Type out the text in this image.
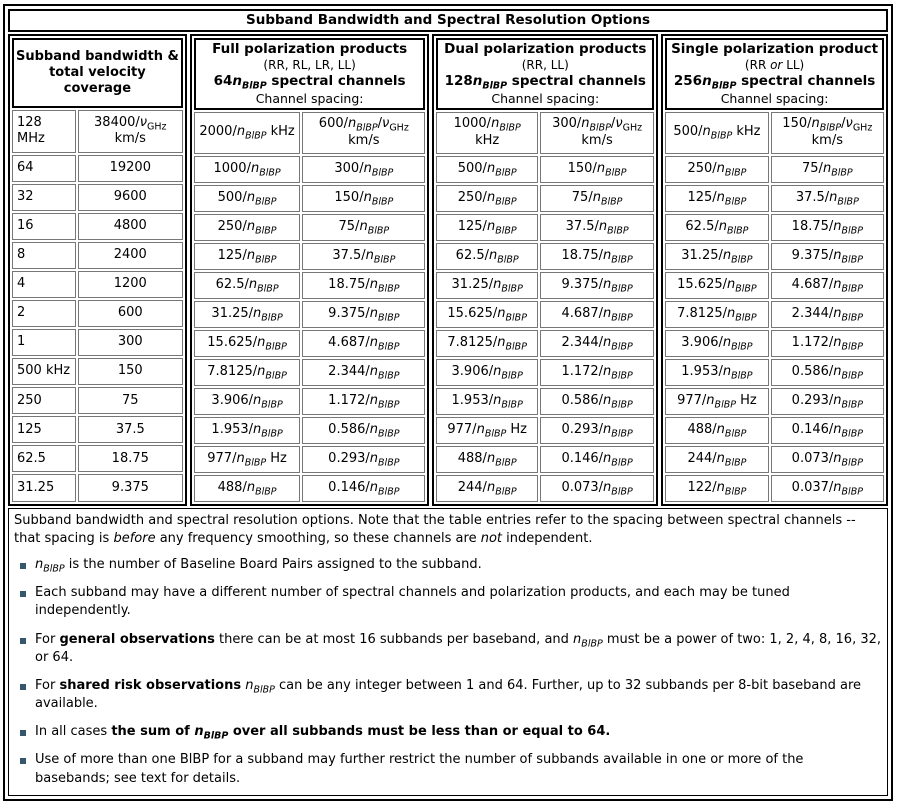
Subband Bandwidth and Spectral Resolution Options
Subband bandwidth &
total velocity
coverage	
128 MHz	$38400/\nu_{GHz}$ km/s
64	19200
32	9600
16	4800
8	2400
4	1200
2	600
1	300
500 kHz	150
250	75
125	37.5
62.5	18.75
31.25	9.375
Full polarization products
(RR, RL, LR, LL)
$64n_{BlBP}$ spectral channels
Channel spacing:	

$2000/n_{BlBP}$ kHz	$600/n_{BlBP}/\nu_{GHz}$ km/s
$1000/n_{BlBP}$	$300/n_{BlBP}$
$500/n_{BlBP}$	$150/n_{BlBP}$
$250/n_{BlBP}$	$75/n_{BlBP}$
$125/n_{BlBP}$	$37.5/n_{BlBP}$
$62.5/n_{BlBP}$	$18.75/n_{BlBP}$
$31.25/n_{BlBP}$	$9.375/n_{BlBP}$
$15.625/n_{BlBP}$	$4.687/n_{BlBP}$
$7.8125/n_{BlBP}$	$2.344/n_{BlBP}$
$3.906/n_{BlBP}$	$1.172/n_{BlBP}$
$1.953/n_{BlBP}$	$0.586/n_{BlBP}$
$977/n_{BlBP}$ Hz	$0.293/n_{BlBP}$
$488/n_{BlBP}$	$0.146/n_{BlBP}$
Dual polarization products
(RR, LL)
$128n_{BlBP}$ spectral channels
Channel spacing:	

$1000/n_{BlBP}$ kHz	$300/n_{BlBP}/\nu_{GHz}$ km/s
$500/n_{BlBP}$	$150/n_{BlBP}$
$250/n_{BlBP}$	$75/n_{BlBP}$
$125/n_{BlBP}$	$37.5/n_{BlBP}$
$62.5/n_{BlBP}$	$18.75/n_{BlBP}$
$31.25/n_{BlBP}$	$9.375/n_{BlBP}$
$15.625/n_{BlBP}$	$4.687/n_{BlBP}$
$7.8125/n_{BlBP}$	$2.344/n_{BlBP}$
$3.906/n_{BlBP}$	$1.172/n_{BlBP}$
$1.953/n_{BlBP}$	$0.586/n_{BlBP}$
$977/n_{BlBP}$ Hz	$0.293/n_{BlBP}$
$488/n_{BlBP}$	$0.146/n_{BlBP}$
$244/n_{BlBP}$	$0.073/n_{BlBP}$
Single polarization product
(RR or LL)
$256n_{BlBP}$ spectral channels
Channel spacing:	

$500/n_{BlBP}$ kHz	$150/n_{BlBP}/\nu_{GHz}$ km/s
$250/n_{BlBP}$	$75/n_{BlBP}$
$125/n_{BlBP}$	$37.5/n_{BlBP}$
$62.5/n_{BlBP}$	$18.75/n_{BlBP}$
$31.25/n_{BlBP}$	$9.375/n_{BlBP}$
$15.625/n_{BlBP}$	$4.687/n_{BlBP}$
$7.8125/n_{BlBP}$	$2.344/n_{BlBP}$
$3.906/n_{BlBP}$	$1.172/n_{BlBP}$
$1.953/n_{BlBP}$	$0.586/n_{BlBP}$
$977/n_{BlBP}$ Hz	$0.293/n_{BlBP}$
$488/n_{BlBP}$	$0.146/n_{BlBP}$
$244/n_{BlBP}$	$0.073/n_{BlBP}$
$122/n_{BlBP}$	$0.037/n_{BlBP}$

Subband bandwidth and spectral resolution options. Note that the table entries refer to the spacing between spectral channels -- that spacing is before any frequency smoothing, so these channels are not independent.

$n_{BlBP}$ is the number of Baseline Board Pairs assigned to the subband.
Each subband may have a different number of spectral channels and polarization products, and each may be tuned independently.
For general observations there can be at most 16 subbands per baseband, and $n_{BlBP}$ must be a power of two: 1, 2, 4, 8, 16, 32, or 64.
For shared risk observations $n_{BlBP}$ can be any integer between 1 and 64. Further, up to 32 subbands per 8-bit baseband are available.
In all cases the sum of $n_{BlBP}$ over all subbands must be less than or equal to 64.
Use of more than one BlBP for a subband may further restrict the number of subbands available in one or more of the basebands; see text for details.
